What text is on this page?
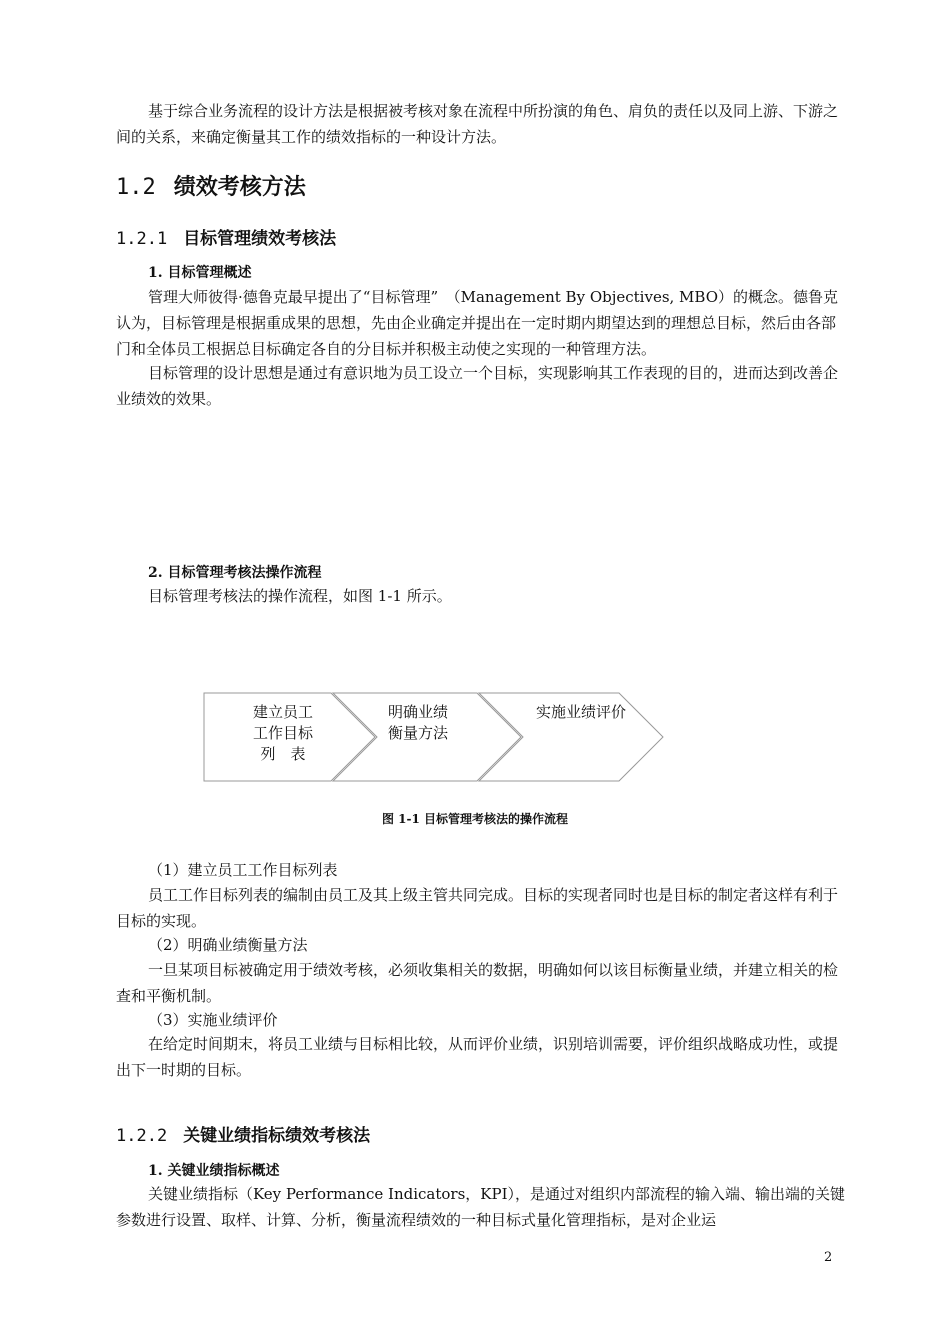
基于综合业务流程的设计方法是根据被考核对象在流程中所扮演的角色、肩负的责任以及同上游、下游之间的关系，来确定衡量其工作的绩效指标的一种设计方法。

1.2 绩效考核方法
1.2.1 目标管理绩效考核法

1. 目标管理概述

管理大师彼得·德鲁克最早提出了“目标管理”　（Management By Objectives, MBO）的概念。德鲁克认为，目标管理是根据重成果的思想，先由企业确定并提出在一定时期内期望达到的理想总目标，然后由各部门和全体员工根据总目标确定各自的分目标并积极主动使之实现的一种管理方法。

目标管理的设计思想是通过有意识地为员工设立一个目标，实现影响其工作表现的目的，进而达到改善企业绩效的效果。

2. 目标管理考核法操作流程

目标管理考核法的操作流程，如图 1-1 所示。

建立员工
工作目标
列　表
明确业绩
衡量方法
实施业绩评价
图 1-1 目标管理考核法的操作流程

（1）建立员工工作目标列表

员工工作目标列表的编制由员工及其上级主管共同完成。目标的实现者同时也是目标的制定者这样有利于目标的实现。

（2）明确业绩衡量方法

一旦某项目标被确定用于绩效考核，必须收集相关的数据，明确如何以该目标衡量业绩，并建立相关的检查和平衡机制。

（3）实施业绩评价

在给定时间期末，将员工业绩与目标相比较，从而评价业绩，识别培训需要，评价组织战略成功性，或提出下一时期的目标。

1.2.2 关键业绩指标绩效考核法

1. 关键业绩指标概述

关键业绩指标（Key Performance Indicators，KPI），是通过对组织内部流程的输入端、输出端的关键参数进行设置、取样、计算、分析，衡量流程绩效的一种目标式量化管理指标，是对企业运

2
